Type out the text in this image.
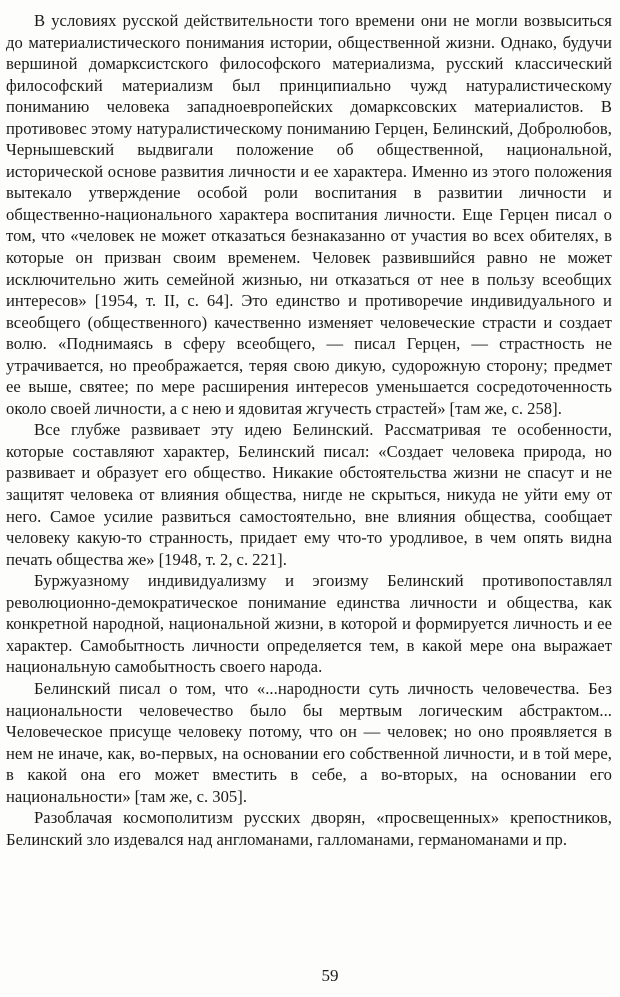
В условиях русской действительности того времени они не могли возвыситься до материалистического понимания истории, общественной жизни. Однако, будучи вершиной домарксистского философского материализма, русский классический философский материализм был принципиально чужд натуралистическому пониманию человека западноевропейских домарксовских материалистов. В противовес этому натуралистическому пониманию Герцен, Белинский, Добролюбов, Чернышевский выдвигали положение об общественной, национальной, исторической основе развития личности и ее характера. Именно из этого положения вытекало утверждение особой роли воспитания в развитии личности и общественно-национального характера воспитания личности. Еще Герцен писал о том, что «человек не может отказаться безнаказанно от участия во всех обителях, в которые он призван своим временем. Человек развившийся равно не может исключительно жить семейной жизнью, ни отказаться от нее в пользу всеобщих интересов» [1954, т. II, с. 64]. Это единство и противоречие индивидуального и всеобщего (общественного) качественно изменяет человеческие страсти и создает волю. «Поднимаясь в сферу всеобщего, — писал Герцен, — страстность не утрачивается, но преображается, теряя свою дикую, судорожную сторону; предмет ее выше, святее; по мере расширения интересов уменьшается сосредоточенность около своей личности, а с нею и ядовитая жгучесть страстей» [там же, с. 258].

Все глубже развивает эту идею Белинский. Рассматривая те особенности, которые составляют характер, Белинский писал: «Создает человека природа, но развивает и образует его общество. Никакие обстоятельства жизни не спасут и не защитят человека от влияния общества, нигде не скрыться, никуда не уйти ему от него. Самое усилие развиться самостоятельно, вне влияния общества, сообщает человеку какую-то странность, придает ему что-то уродливое, в чем опять видна печать общества же» [1948, т. 2, с. 221].

Буржуазному индивидуализму и эгоизму Белинский противопоставлял революционно-демократическое понимание единства личности и общества, как конкретной народной, национальной жизни, в которой и формируется личность и ее характер. Самобытность личности определяется тем, в какой мере она выражает национальную самобытность своего народа.

Белинский писал о том, что «...народности суть личность человечества. Без национальности человечество было бы мертвым логическим абстрактом... Человеческое присуще человеку потому, что он — человек; но оно проявляется в нем не иначе, как, во-первых, на основании его собственной личности, и в той мере, в какой она его может вместить в себе, а во-вторых, на основании его национальности» [там же, с. 305].

Разоблачая космополитизм русских дворян, «просвещенных» крепостников, Белинский зло издевался над англоманами, галломанами, германоманами и пр.

59
